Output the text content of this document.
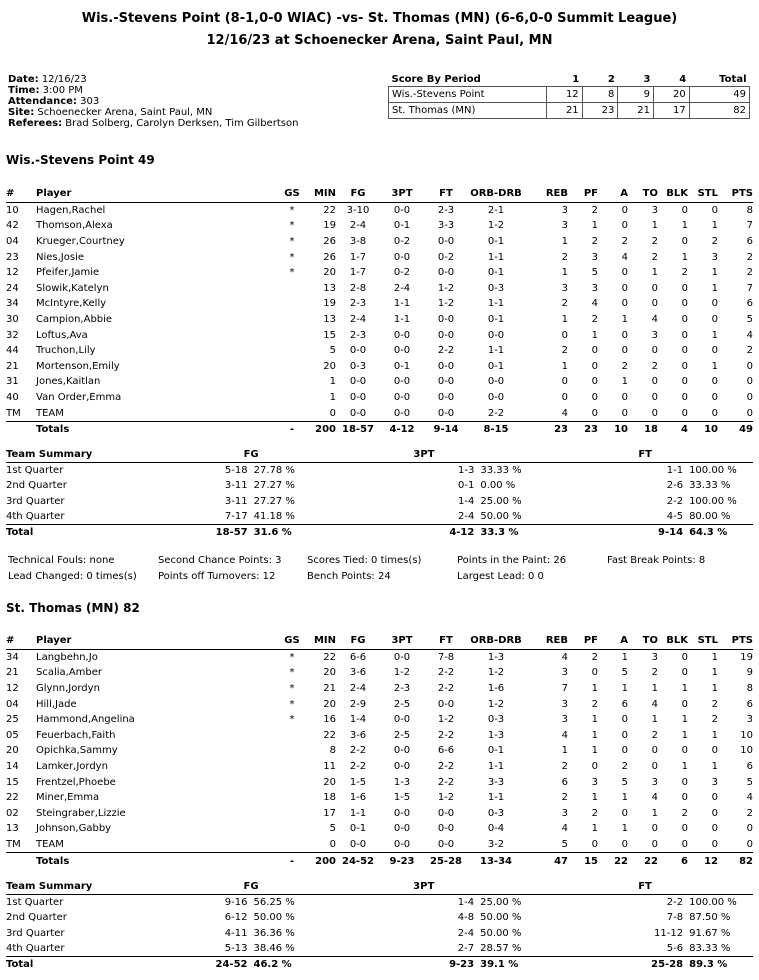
Wis.-Stevens Point (8-1,0-0 WIAC) -vs- St. Thomas (MN) (6-6,0-0 Summit League)
12/16/23 at Schoenecker Arena, Saint Paul, MN
Date: 12/16/23
Time: 3:00 PM
Attendance: 303
Site: Schoenecker Arena, Saint Paul, MN
Referees: Brad Solberg, Carolyn Derksen, Tim Gilbertson
Score By Period	1	2	3	4	Total
Wis.-Stevens Point	12	8	9	20	49
St. Thomas (MN)	21	23	21	17	82
Wis.-Stevens Point 49
#	Player	GS	MIN	FG	3PT	FT	ORB-DRB	REB	PF	A	TO	BLK	STL	PTS
10	Hagen,Rachel	*	22	3-10	0-0	2-3	2-1	3	2	0	3	0	0	8
42	Thomson,Alexa	*	19	2-4	0-1	3-3	1-2	3	1	0	1	1	1	7
04	Krueger,Courtney	*	26	3-8	0-2	0-0	0-1	1	2	2	2	0	2	6
23	Nies,Josie	*	26	1-7	0-0	0-2	1-1	2	3	4	2	1	3	2
12	Pfeifer,Jamie	*	20	1-7	0-2	0-0	0-1	1	5	0	1	2	1	2
24	Slowik,Katelyn		13	2-8	2-4	1-2	0-3	3	3	0	0	0	1	7
34	McIntyre,Kelly		19	2-3	1-1	1-2	1-1	2	4	0	0	0	0	6
30	Campion,Abbie		13	2-4	1-1	0-0	0-1	1	2	1	4	0	0	5
32	Loftus,Ava		15	2-3	0-0	0-0	0-0	0	1	0	3	0	1	4
44	Truchon,Lily		5	0-0	0-0	2-2	1-1	2	0	0	0	0	0	2
21	Mortenson,Emily		20	0-3	0-1	0-0	0-1	1	0	2	2	0	1	0
31	Jones,Kaitlan		1	0-0	0-0	0-0	0-0	0	0	1	0	0	0	0
40	Van Order,Emma		1	0-0	0-0	0-0	0-0	0	0	0	0	0	0	0
TM	TEAM		0	0-0	0-0	0-0	2-2	4	0	0	0	0	0	0
	Totals	-	200	18-57	4-12	9-14	8-15	23	23	10	18	4	10	49
Team Summary	FG		3PT		FT	
1st Quarter	5-18	27.78 %	1-3	33.33 %	1-1	100.00 %
2nd Quarter	3-11	27.27 %	0-1	0.00 %	2-6	33.33 %
3rd Quarter	3-11	27.27 %	1-4	25.00 %	2-2	100.00 %
4th Quarter	7-17	41.18 %	2-4	50.00 %	4-5	80.00 %
Total	18-57	31.6 %	4-12	33.3 %	9-14	64.3 %
Technical Fouls: none	Second Chance Points: 3	Scores Tied: 0 times(s)	Points in the Paint: 26	Fast Break Points: 8
Lead Changed: 0 times(s) Points off Turnovers: 12	Bench Points: 24	Largest Lead: 0 0
St. Thomas (MN) 82
#	Player	GS	MIN	FG	3PT	FT	ORB-DRB	REB	PF	A	TO	BLK	STL	PTS
34	Langbehn,Jo	*	22	6-6	0-0	7-8	1-3	4	2	1	3	0	1	19
21	Scalia,Amber	*	20	3-6	1-2	2-2	1-2	3	0	5	2	0	1	9
12	Glynn,Jordyn	*	21	2-4	2-3	2-2	1-6	7	1	1	1	1	1	8
04	Hill,Jade	*	20	2-9	2-5	0-0	1-2	3	2	6	4	0	2	6
25	Hammond,Angelina	*	16	1-4	0-0	1-2	0-3	3	1	0	1	1	2	3
05	Feuerbach,Faith		22	3-6	2-5	2-2	1-3	4	1	0	2	1	1	10
20	Opichka,Sammy		8	2-2	0-0	6-6	0-1	1	1	0	0	0	0	10
14	Lamker,Jordyn		11	2-2	0-0	2-2	1-1	2	0	2	0	1	1	6
15	Frentzel,Phoebe		20	1-5	1-3	2-2	3-3	6	3	5	3	0	3	5
22	Miner,Emma		18	1-6	1-5	1-2	1-1	2	1	1	4	0	0	4
02	Steingraber,Lizzie		17	1-1	0-0	0-0	0-3	3	2	0	1	2	0	2
13	Johnson,Gabby		5	0-1	0-0	0-0	0-4	4	1	1	0	0	0	0
TM	TEAM		0	0-0	0-0	0-0	3-2	5	0	0	0	0	0	0
	Totals	-	200	24-52	9-23	25-28	13-34	47	15	22	22	6	12	82
Team Summary	FG		3PT		FT	
1st Quarter	9-16	56.25 %	1-4	25.00 %	2-2	100.00 %
2nd Quarter	6-12	50.00 %	4-8	50.00 %	7-8	87.50 %
3rd Quarter	4-11	36.36 %	2-4	50.00 %	11-12	91.67 %
4th Quarter	5-13	38.46 %	2-7	28.57 %	5-6	83.33 %
Total	24-52	46.2 %	9-23	39.1 %	25-28	89.3 %
